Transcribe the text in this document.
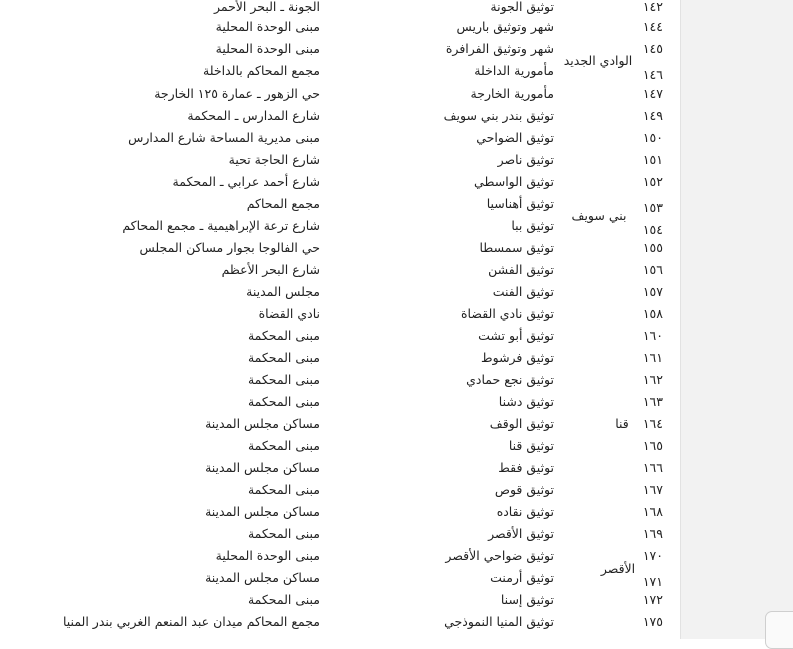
١٤٢
توثيق الجونة
الجونة ـ البحر الأحمر
١٤٤
شهر وتوثيق باريس
مبنى الوحدة المحلية
١٤٥
شهر وتوثيق الفرافرة
مبنى الوحدة المحلية
١٤٦
مأمورية الداخلة
مجمع المحاكم بالداخلة
١٤٧
مأمورية الخارجة
حي الزهور ـ عمارة ١٢٥ الخارجة
١٤٩
توثيق بندر بني سويف
شارع المدارس ـ المحكمة
١٥٠
توثيق الضواحي
مبنى مديرية المساحة شارع المدارس
١٥١
توثيق ناصر
شارع الحاجة تحية
١٥٢
توثيق الواسطي
شارع أحمد عرابي ـ المحكمة
١٥٣
توثيق أهناسيا
مجمع المحاكم
١٥٤
توثيق ببا
شارع ترعة الإبراهيمية ـ مجمع المحاكم
١٥٥
توثيق سمسطا
حي الفالوجا بجوار مساكن المجلس
١٥٦
توثيق الفشن
شارع البحر الأعظم
١٥٧
توثيق الفنت
مجلس المدينة
١٥٨
توثيق نادي القضاة
نادي القضاة
١٦٠
توثيق أبو تشت
مبنى المحكمة
١٦١
توثيق فرشوط
مبنى المحكمة
١٦٢
توثيق نجع حمادي
مبنى المحكمة
١٦٣
توثيق دشنا
مبنى المحكمة
١٦٤
توثيق الوقف
مساكن مجلس المدينة
١٦٥
توثيق قنا
مبنى المحكمة
١٦٦
توثيق فقط
مساكن مجلس المدينة
١٦٧
توثيق قوص
مبنى المحكمة
١٦٨
توثيق نقاده
مساكن مجلس المدينة
١٦٩
توثيق الأقصر
مبنى المحكمة
١٧٠
توثيق ضواحي الأقصر
مبنى الوحدة المحلية
١٧١
توثيق أرمنت
مساكن مجلس المدينة
١٧٢
توثيق إسنا
مبنى المحكمة
١٧٥
توثيق المنيا النموذجي
مجمع المحاكم ميدان عبد المنعم الغربي بندر المنيا
الوادي الجديد
بني سويف
قنا
الأقصر
